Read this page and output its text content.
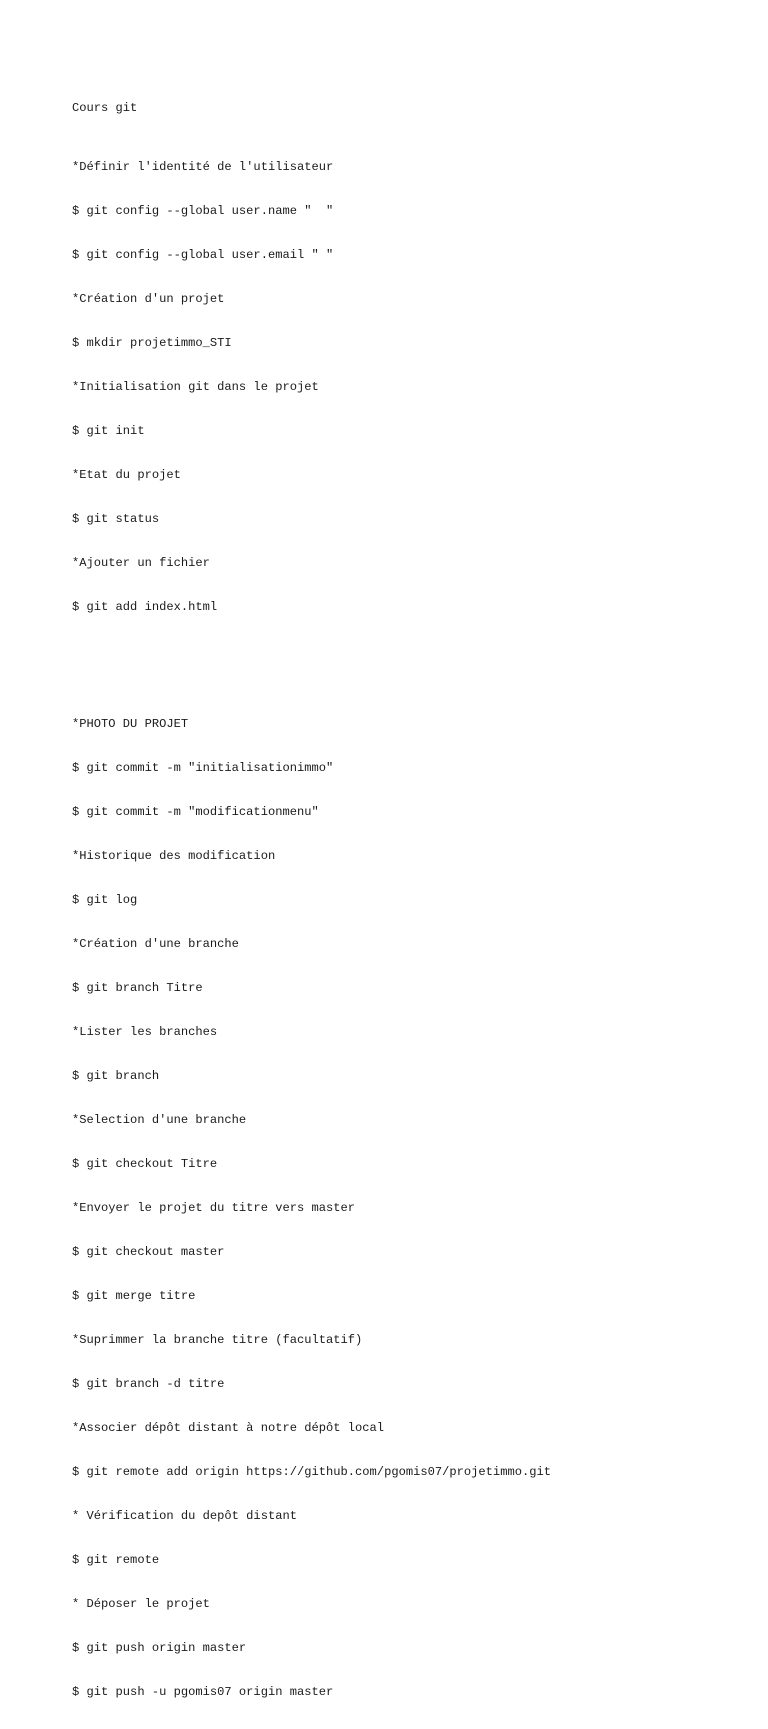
Cours git

*Définir l'identité de l'utilisateur

$ git config --global user.name "  "

$ git config --global user.email " "

*Création d'un projet

$ mkdir projetimmo_STI

*Initialisation git dans le projet

$ git init

*Etat du projet

$ git status

*Ajouter un fichier

$ git add index.html

*PHOTO DU PROJET

$ git commit -m "initialisationimmo"

$ git commit -m "modificationmenu"

*Historique des modification

$ git log

*Création d'une branche

$ git branch Titre

*Lister les branches

$ git branch

*Selection d'une branche

$ git checkout Titre

*Envoyer le projet du titre vers master

$ git checkout master

$ git merge titre

*Suprimmer la branche titre (facultatif)

$ git branch -d titre

*Associer dépôt distant à notre dépôt local

$ git remote add origin https://github.com/pgomis07/projetimmo.git

* Vérification du depôt distant

$ git remote

* Déposer le projet

$ git push origin master

$ git push -u pgomis07 origin master
